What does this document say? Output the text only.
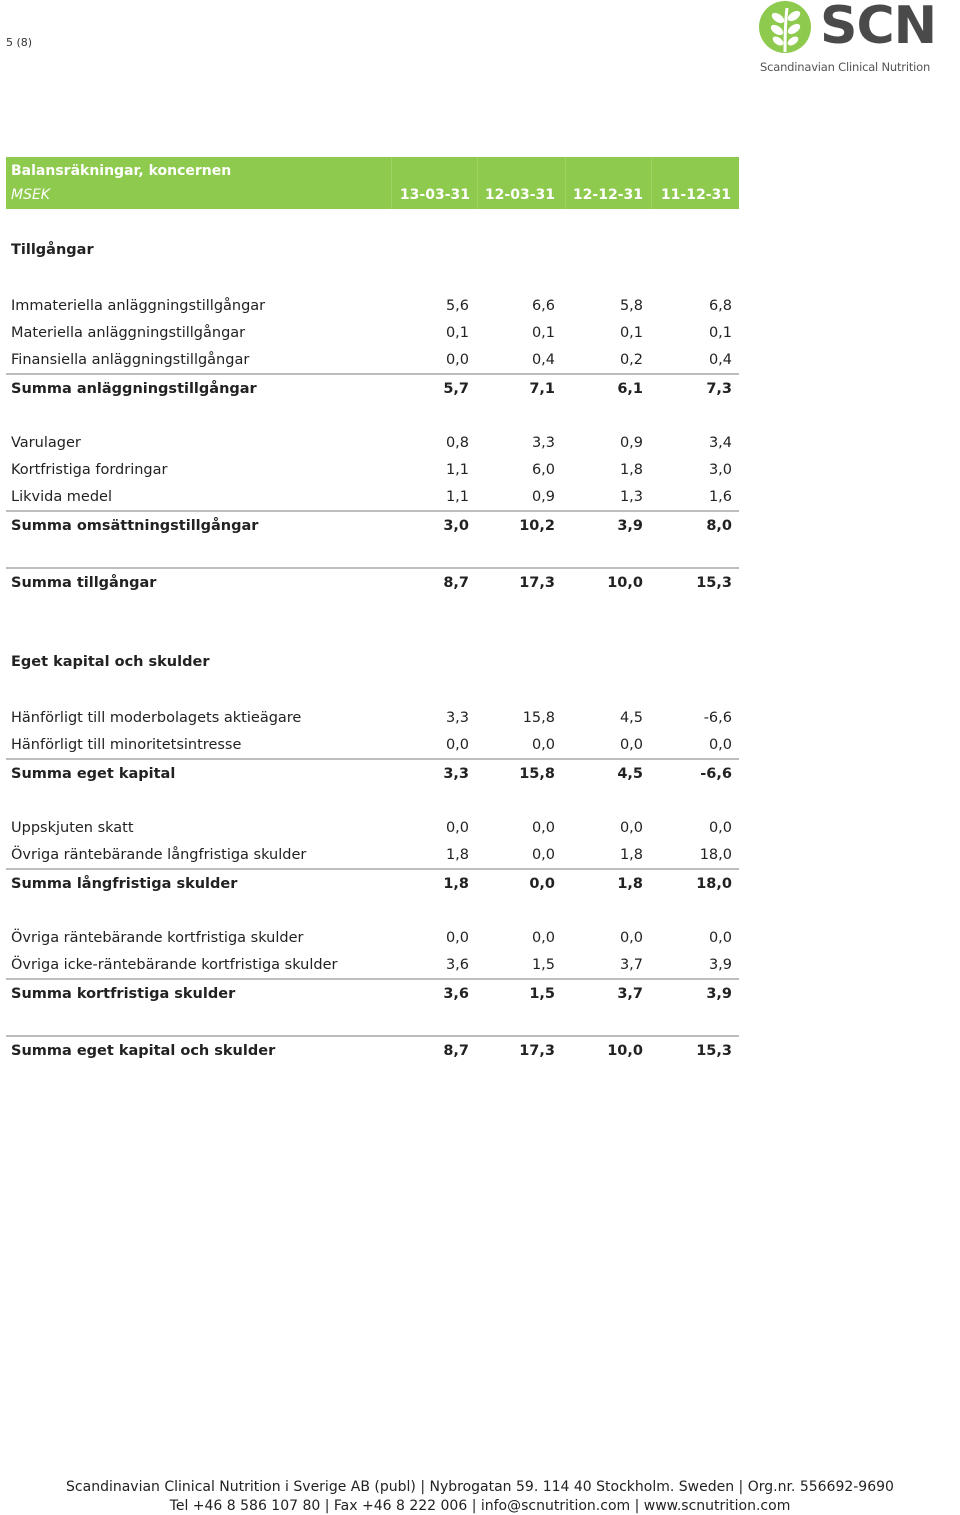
5 (8)	SCN
Scandinavian Clinical Nutrition
Balansräkningar, koncernen
MSEK	13-03-31	12-03-31	12-12-31	11-12-31
Tillgångar
Immateriella anläggningstillgångar	5,6	6,6	5,8	6,8
Materiella anläggningstillgångar	0,1	0,1	0,1	0,1
Finansiella anläggningstillgångar	0,0	0,4	0,2	0,4
Summa anläggningstillgångar	5,7	7,1	6,1	7,3
Varulager	0,8	3,3	0,9	3,4
Kortfristiga fordringar	1,1	6,0	1,8	3,0
Likvida medel	1,1	0,9	1,3	1,6
Summa omsättningstillgångar	3,0	10,2	3,9	8,0
Summa tillgångar	8,7	17,3	10,0	15,3
Hänförligt till moderbolagets aktieägare	3,3	15,8	4,5	-6,6
Hänförligt till minoritetsintresse	0,0	0,0	0,0	0,0
Summa eget kapital	3,3	15,8	4,5	-6,6
Uppskjuten skatt	0,0	0,0	0,0	0,0
Övriga räntebärande långfristiga skulder	1,8	0,0	1,8	18,0
Summa långfristiga skulder	1,8	0,0	1,8	18,0
Övriga räntebärande kortfristiga skulder	0,0	0,0	0,0	0,0
Övriga icke-räntebärande kortfristiga skulder	3,6	1,5	3,7	3,9
Summa kortfristiga skulder	3,6	1,5	3,7	3,9
Summa eget kapital och skulder	8,7	17,3	10,0	15,3
Eget kapital och skulder
Scandinavian Clinical Nutrition i Sverige AB (publ) | Nybrogatan 59. 114 40 Stockholm. Sweden | Org.nr. 556692-9690
Tel +46 8 586 107 80 | Fax +46 8 222 006 | info@scnutrition.com | www.scnutrition.com
